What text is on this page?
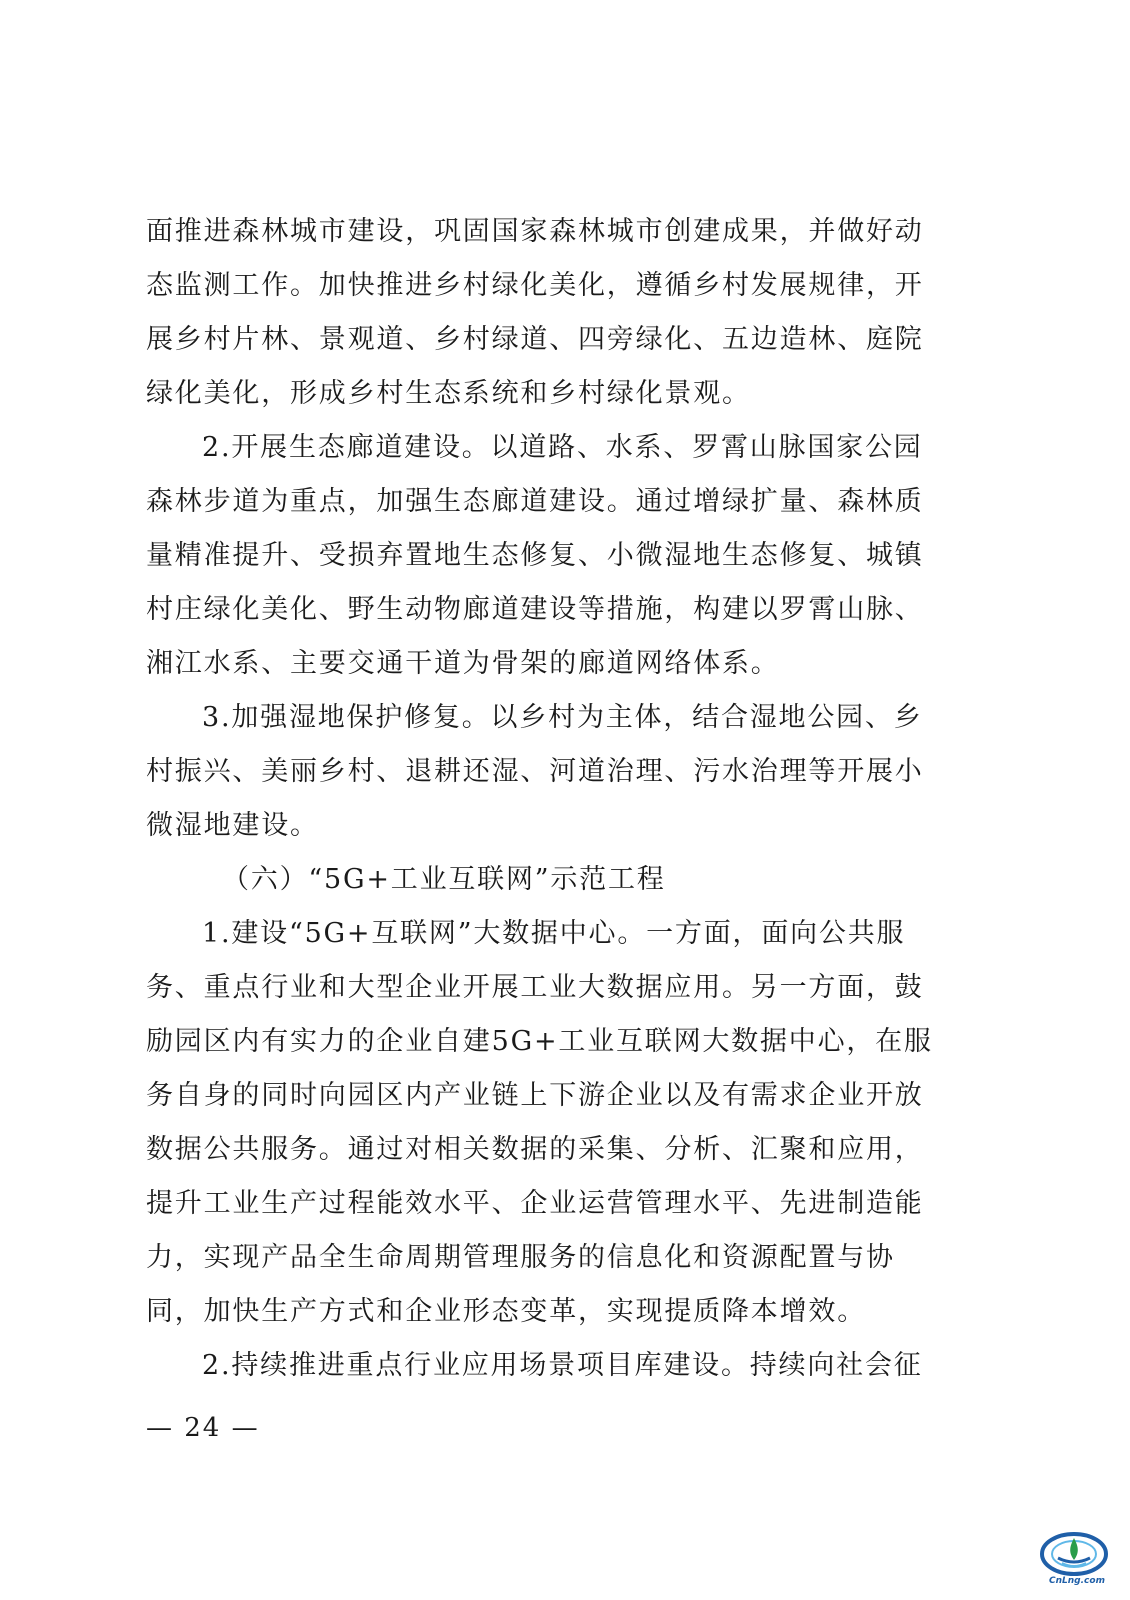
面推进森林城市建设，巩固国家森林城市创建成果，并做好动
态监测工作。加快推进乡村绿化美化，遵循乡村发展规律，开
展乡村片林、景观道、乡村绿道、四旁绿化、五边造林、庭院
绿化美化，形成乡村生态系统和乡村绿化景观。
2.开展生态廊道建设。以道路、水系、罗霄山脉国家公园
森林步道为重点，加强生态廊道建设。通过增绿扩量、森林质
量精准提升、受损弃置地生态修复、小微湿地生态修复、城镇
村庄绿化美化、野生动物廊道建设等措施，构建以罗霄山脉、
湘江水系、主要交通干道为骨架的廊道网络体系。
3.加强湿地保护修复。以乡村为主体，结合湿地公园、乡
村振兴、美丽乡村、退耕还湿、河道治理、污水治理等开展小
微湿地建设。
（六）“5G+工业互联网”示范工程
1.建设“5G+互联网”大数据中心。一方面，面向公共服
务、重点行业和大型企业开展工业大数据应用。另一方面，鼓
励园区内有实力的企业自建5G+工业互联网大数据中心，在服
务自身的同时向园区内产业链上下游企业以及有需求企业开放
数据公共服务。通过对相关数据的采集、分析、汇聚和应用，
提升工业生产过程能效水平、企业运营管理水平、先进制造能
力，实现产品全生命周期管理服务的信息化和资源配置与协
同，加快生产方式和企业形态变革，实现提质降本增效。
2.持续推进重点行业应用场景项目库建设。持续向社会征
— 24 —
CnLng.com
